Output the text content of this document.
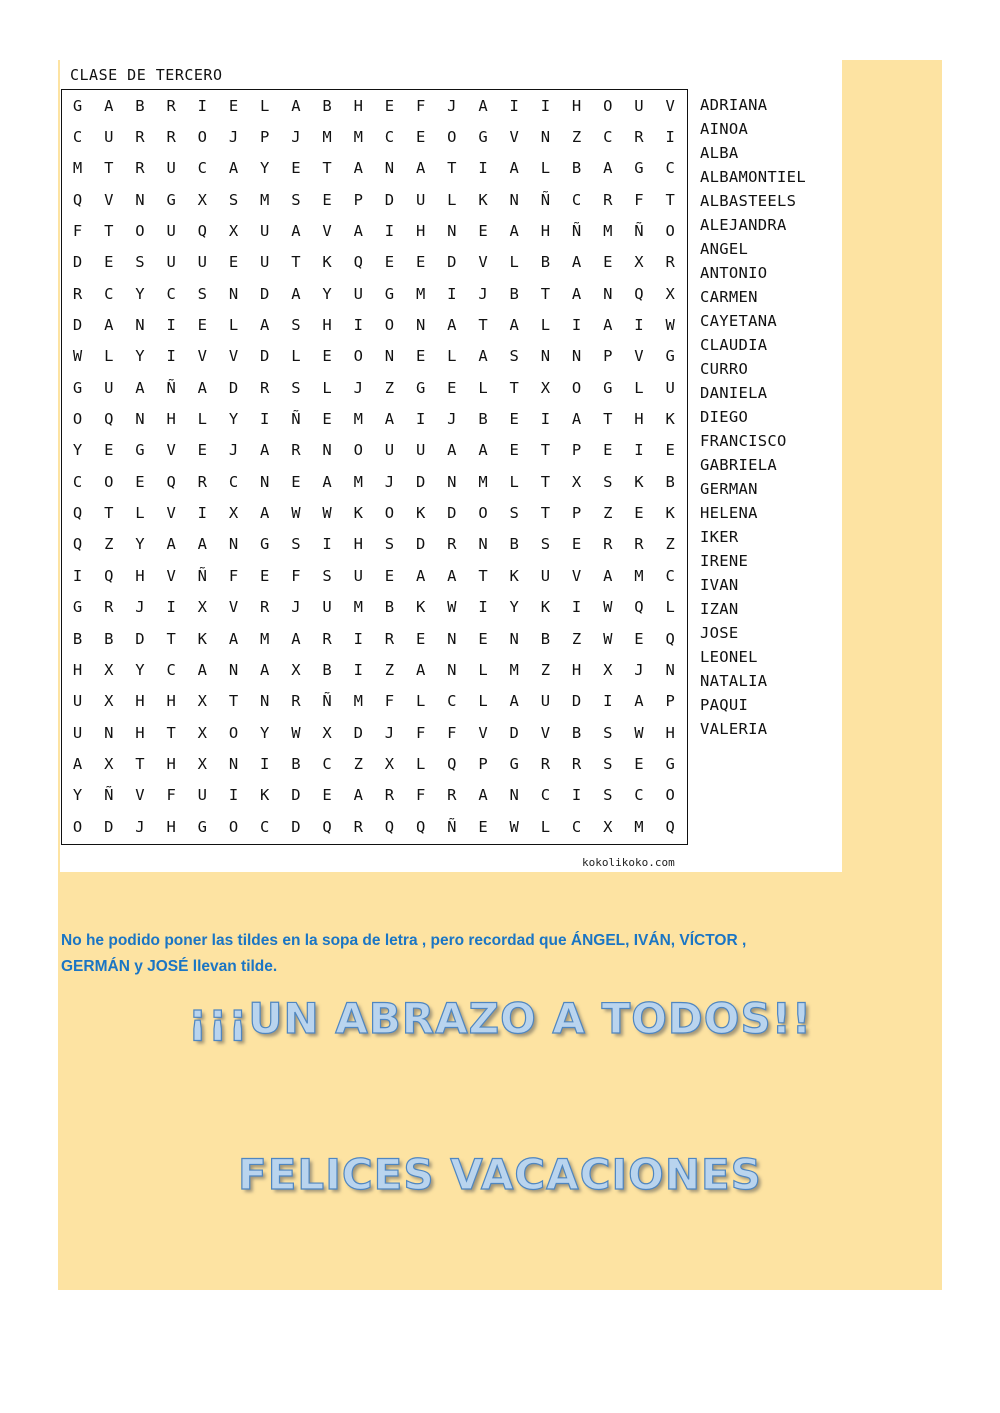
CLASE DE TERCERO
G	A	B	R	I	E	L	A	B	H	E	F	J	A	I	I	H	O	U	V
C	U	R	R	O	J	P	J	M	M	C	E	O	G	V	N	Z	C	R	I
M	T	R	U	C	A	Y	E	T	A	N	A	T	I	A	L	B	A	G	C
Q	V	N	G	X	S	M	S	E	P	D	U	L	K	N	Ñ	C	R	F	T
F	T	O	U	Q	X	U	A	V	A	I	H	N	E	A	H	Ñ	M	Ñ	O
D	E	S	U	U	E	U	T	K	Q	E	E	D	V	L	B	A	E	X	R
R	C	Y	C	S	N	D	A	Y	U	G	M	I	J	B	T	A	N	Q	X
D	A	N	I	E	L	A	S	H	I	O	N	A	T	A	L	I	A	I	W
W	L	Y	I	V	V	D	L	E	O	N	E	L	A	S	N	N	P	V	G
G	U	A	Ñ	A	D	R	S	L	J	Z	G	E	L	T	X	O	G	L	U
O	Q	N	H	L	Y	I	Ñ	E	M	A	I	J	B	E	I	A	T	H	K
Y	E	G	V	E	J	A	R	N	O	U	U	A	A	E	T	P	E	I	E
C	O	E	Q	R	C	N	E	A	M	J	D	N	M	L	T	X	S	K	B
Q	T	L	V	I	X	A	W	W	K	O	K	D	O	S	T	P	Z	E	K
Q	Z	Y	A	A	N	G	S	I	H	S	D	R	N	B	S	E	R	R	Z
I	Q	H	V	Ñ	F	E	F	S	U	E	A	A	T	K	U	V	A	M	C
G	R	J	I	X	V	R	J	U	M	B	K	W	I	Y	K	I	W	Q	L
B	B	D	T	K	A	M	A	R	I	R	E	N	E	N	B	Z	W	E	Q
H	X	Y	C	A	N	A	X	B	I	Z	A	N	L	M	Z	H	X	J	N
U	X	H	H	X	T	N	R	Ñ	M	F	L	C	L	A	U	D	I	A	P
U	N	H	T	X	O	Y	W	X	D	J	F	F	V	D	V	B	S	W	H
A	X	T	H	X	N	I	B	C	Z	X	L	Q	P	G	R	R	S	E	G
Y	Ñ	V	F	U	I	K	D	E	A	R	F	R	A	N	C	I	S	C	O
O	D	J	H	G	O	C	D	Q	R	Q	Q	Ñ	E	W	L	C	X	M	Q
ADRIANA
AINOA
ALBA
ALBAMONTIEL
ALBASTEELS
ALEJANDRA
ANGEL
ANTONIO
CARMEN
CAYETANA
CLAUDIA
CURRO
DANIELA
DIEGO
FRANCISCO
GABRIELA
GERMAN
HELENA
IKER
IRENE
IVAN
IZAN
JOSE
LEONEL
NATALIA
PAQUI
VALERIA
kokolikoko.com
No he podido poner las tildes en la sopa de letra , pero recordad que ÁNGEL, IVÁN, VÍCTOR ,
GERMÁN y JOSÉ llevan tilde.
¡¡¡UN ABRAZO A TODOS!!
FELICES VACACIONES
